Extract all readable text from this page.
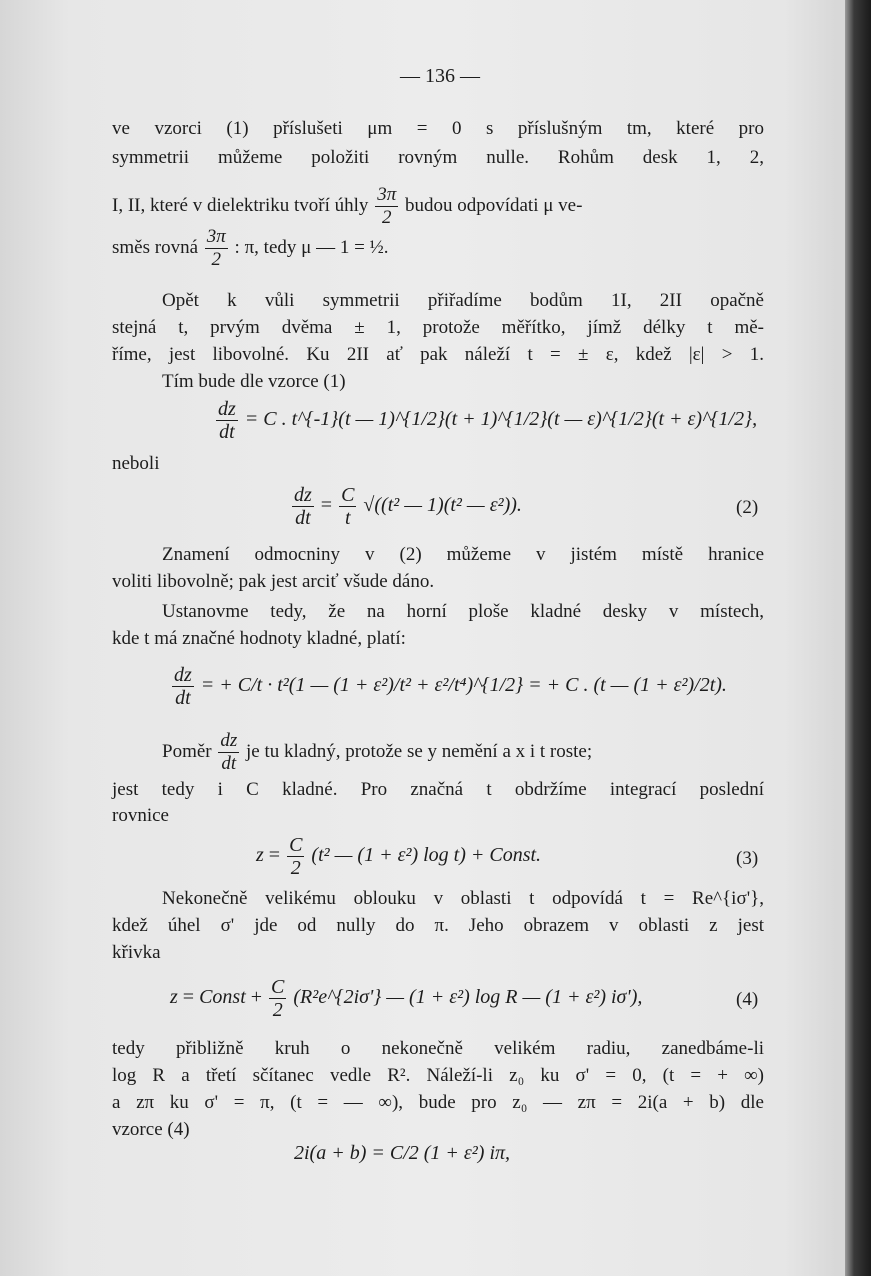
— 136 —
ve vzorci (1) příslušeti μm = 0 s příslušným tm, které pro
symmetrii můžeme položiti rovným nulle. Rohům desk 1, 2,
I, II, které v dielektriku tvoří úhly $\frac{3\pi}{2}$ budou odpovídati μ ve-
směs rovná $\frac{3\pi}{2}$ : π, tedy μ — 1 = ½.
Opět k vůli symmetrii přiřadíme bodům 1I, 2II opačně
stejná t, prvým dvěma ± 1, protože měřítko, jímž délky t mě-
říme, jest libovolné. Ku 2II ať pak náleží t = ± ε, kdež |ε| > 1.
Tím bude dle vzorce (1)
$\frac{dz}{dt} = C$ . t^{-1}(t — 1)^{1/2}(t + 1)^{1/2}(t — ε)^{1/2}(t + ε)^{1/2},
neboli
$\frac{dz}{dt} = \frac{C}{t} √((t^2$ — 1)(t² — ε²)).	(2)
Znamení odmocniny v (2) můžeme v jistém místě hranice
voliti libovolně; pak jest arciť všude dáno.
Ustanovme tedy, že na horní ploše kladné desky v místech,
kde t má značné hodnoty kladné, platí:
$\frac{dz}{dt}$ = + C/t · t²(1 — (1 + ε²)/t² + ε²/t⁴)^{1/2} = + C . (t — (1 + ε²)/2t).
Poměr $\frac{dz}{dt}$ je tu kladný, protože se y nemění a x i t roste;
jest tedy i C kladné. Pro značná t obdržíme integrací poslední
rovnice
$z = \frac{C}{2} (t^2$ — (1 + ε²) log t) + Const.	(3)
Nekonečně velikému oblouku v oblasti t odpovídá t = Re^{iσ'},
kdež úhel σ' jde od nully do π. Jeho obrazem v oblasti z jest
křivka
z = Const + $\frac{C}{2}$ (R²e^{2iσ'} — (1 + ε²) log R — (1 + ε²) iσ'),	(4)
tedy přibližně kruh o nekonečně velikém radiu, zanedbáme-li
log R a třetí sčítanec vedle R². Náleží-li z₀ ku σ' = 0, (t = + ∞)
a zπ ku σ' = π, (t = — ∞), bude pro z₀ — zπ = 2i(a + b) dle
vzorce (4)
2i(a + b) = C/2 (1 + ε²) iπ,
